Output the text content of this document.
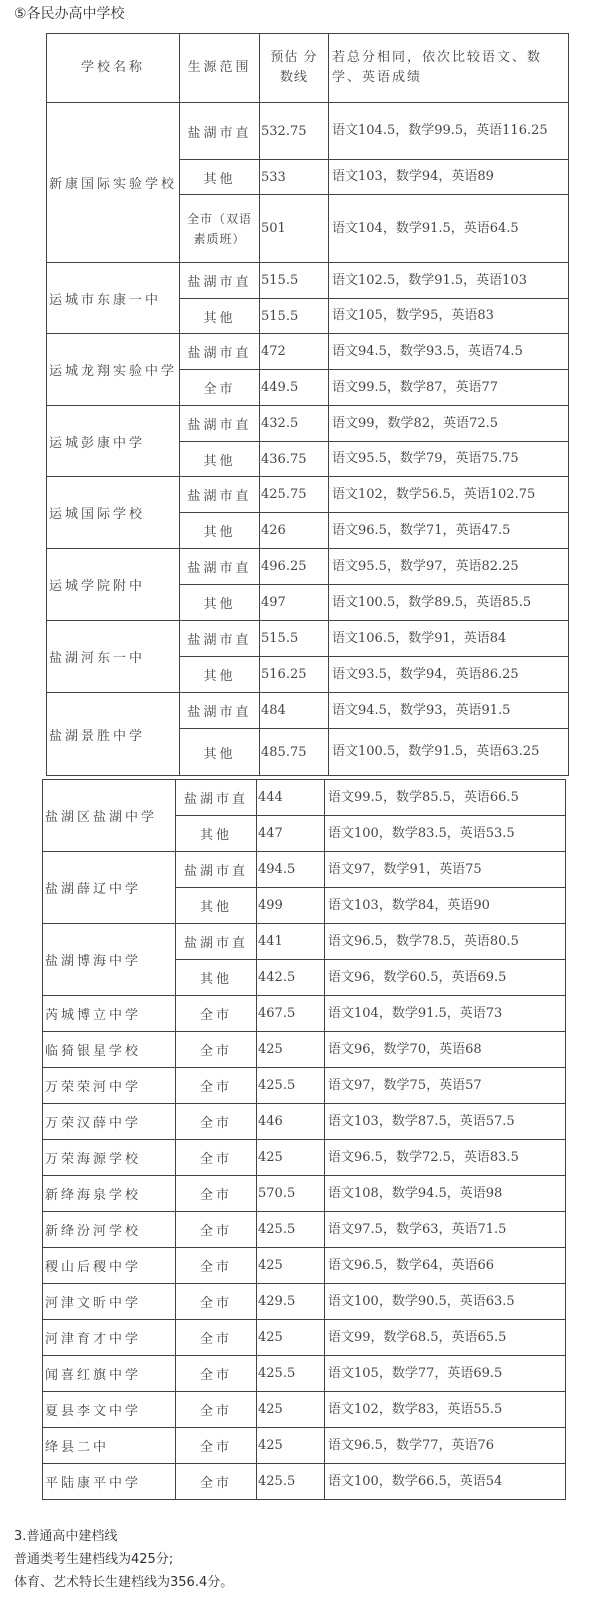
⑤各民办高中学校
学校名称	生源范围	预估 分数线	若总分相同，依次比较语文、数学、英语成绩
新康国际实验学校	盐湖市直	532.75	语文104.5，数学99.5，英语116.25
	其他	533	语文103，数学94，英语89
	全市（双语素质班）	501	语文104，数学91.5，英语64.5
运城市东康一中	盐湖市直	515.5	语文102.5，数学91.5，英语103
	其他	515.5	语文105，数学95，英语83
运城龙翔实验中学	盐湖市直	472	语文94.5，数学93.5，英语74.5
	全市	449.5	语文99.5，数学87，英语77
运城彭康中学	盐湖市直	432.5	语文99，数学82，英语72.5
	其他	436.75	语文95.5，数学79，英语75.75
运城国际学校	盐湖市直	425.75	语文102，数学56.5，英语102.75
	其他	426	语文96.5，数学71，英语47.5
运城学院附中	盐湖市直	496.25	语文95.5，数学97，英语82.25
	其他	497	语文100.5，数学89.5，英语85.5
盐湖河东一中	盐湖市直	515.5	语文106.5，数学91，英语84
	其他	516.25	语文93.5，数学94，英语86.25
盐湖景胜中学	盐湖市直	484	语文94.5，数学93，英语91.5
	其他	485.75	语文100.5，数学91.5，英语63.25
盐湖区盐湖中学	盐湖市直	444	语文99.5，数学85.5，英语66.5
	其他	447	语文100，数学83.5，英语53.5
盐湖薛辽中学	盐湖市直	494.5	语文97，数学91，英语75
	其他	499	语文103，数学84，英语90
盐湖博海中学	盐湖市直	441	语文96.5，数学78.5，英语80.5
	其他	442.5	语文96，数学60.5，英语69.5
芮城博立中学	全市	467.5	语文104，数学91.5，英语73
临猗银星学校	全市	425	语文96，数学70，英语68
万荣荣河中学	全市	425.5	语文97，数学75，英语57
万荣汉薛中学	全市	446	语文103，数学87.5，英语57.5
万荣海源学校	全市	425	语文96.5，数学72.5，英语83.5
新绛海泉学校	全市	570.5	语文108，数学94.5，英语98
新绛汾河学校	全市	425.5	语文97.5，数学63，英语71.5
稷山后稷中学	全市	425	语文96.5，数学64，英语66
河津文昕中学	全市	429.5	语文100，数学90.5，英语63.5
河津育才中学	全市	425	语文99，数学68.5，英语65.5
闻喜红旗中学	全市	425.5	语文105，数学77，英语69.5
夏县李文中学	全市	425	语文102，数学83，英语55.5
绛县二中	全市	425	语文96.5，数学77，英语76
平陆康平中学	全市	425.5	语文100，数学66.5，英语54
3.普通高中建档线
普通类考生建档线为425分;
体育、艺术特长生建档线为356.4分。
